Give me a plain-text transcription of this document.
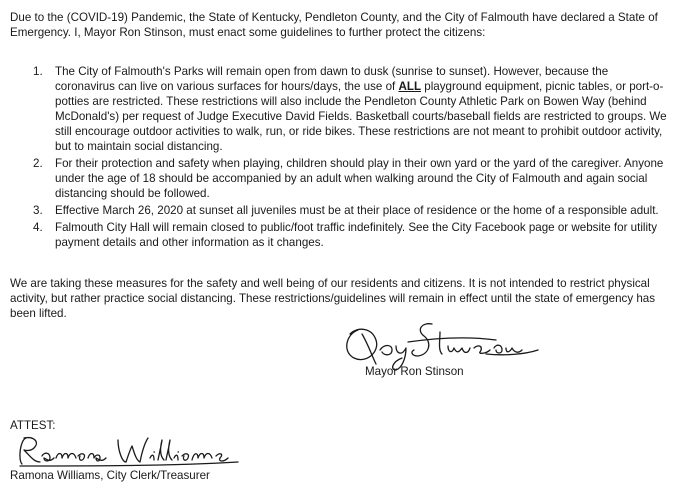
Due to the (COVID-19) Pandemic, the State of Kentucky, Pendleton County, and the City of Falmouth have declared a State of Emergency. I, Mayor Ron Stinson, must enact some guidelines to further protect the citizens:

1. The City of Falmouth's Parks will remain open from dawn to dusk (sunrise to sunset). However, because the coronavirus can live on various surfaces for hours/days, the use of ALL playground equipment, picnic tables, or port-o-potties are restricted. These restrictions will also include the Pendleton County Athletic Park on Bowen Way (behind McDonald's) per request of Judge Executive David Fields. Basketball courts/baseball fields are restricted to groups. We still encourage outdoor activities to walk, run, or ride bikes. These restrictions are not meant to prohibit outdoor activity, but to maintain social distancing.
2. For their protection and safety when playing, children should play in their own yard or the yard of the caregiver. Anyone under the age of 18 should be accompanied by an adult when walking around the City of Falmouth and again social distancing should be followed.
3. Effective March 26, 2020 at sunset all juveniles must be at their place of residence or the home of a responsible adult.
4. Falmouth City Hall will remain closed to public/foot traffic indefinitely. See the City Facebook page or website for utility payment details and other information as it changes.

We are taking these measures for the safety and well being of our residents and citizens. It is not intended to restrict physical activity, but rather practice social distancing. These restrictions/guidelines will remain in effect until the state of emergency has been lifted.

Mayor Ron Stinson

ATTEST:

Ramona Williams, City Clerk/Treasurer
